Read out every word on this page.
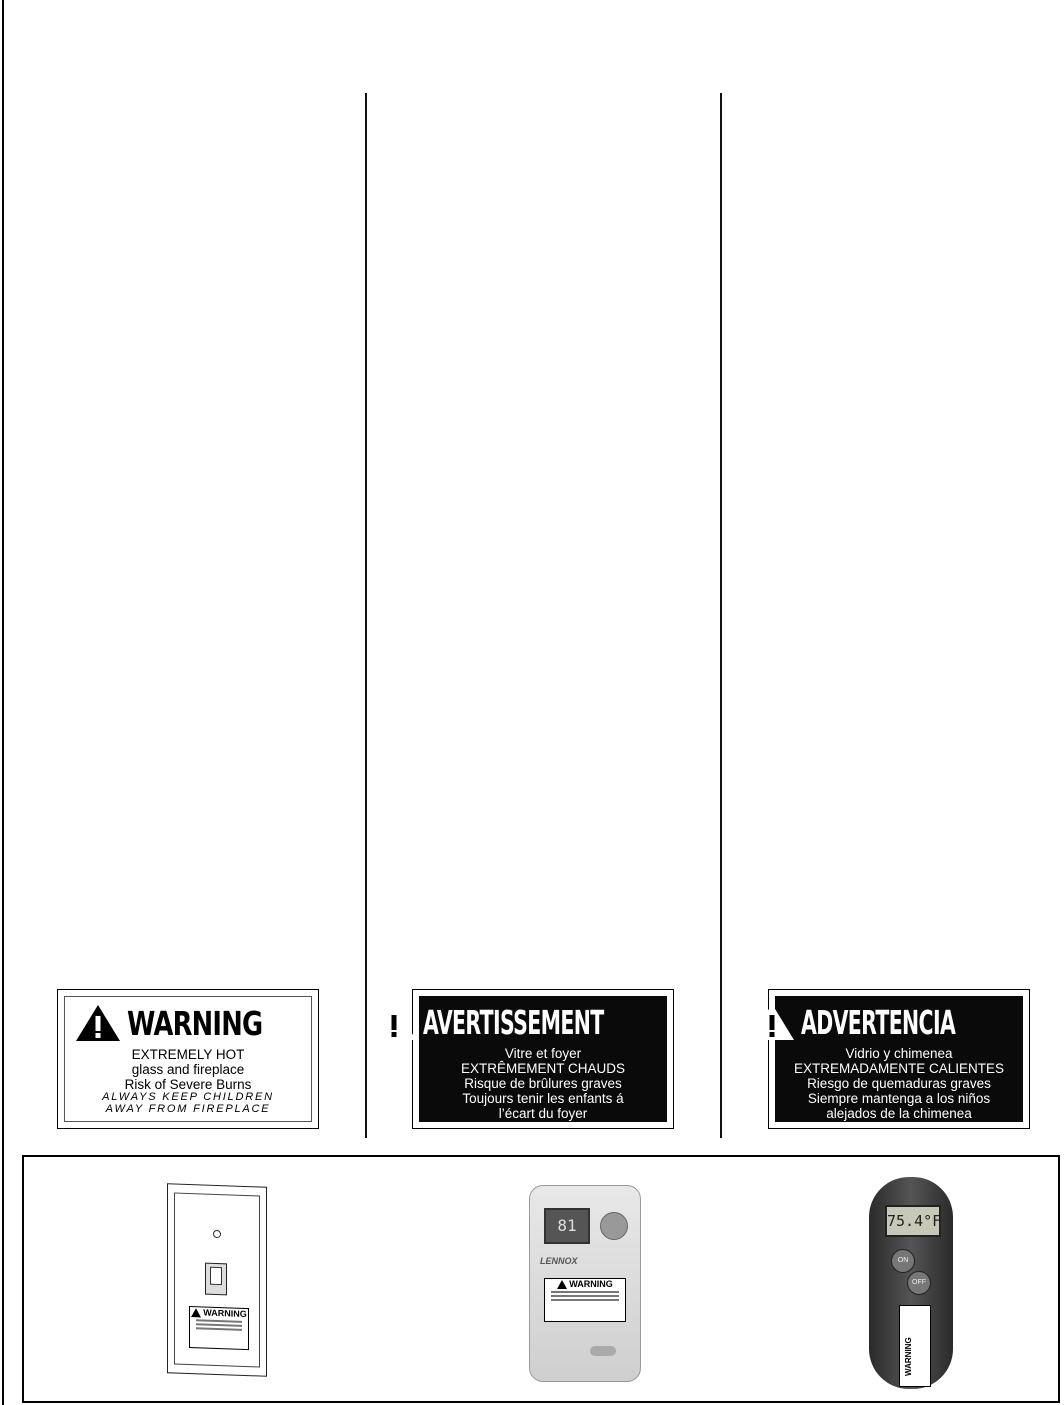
WARNING
EXTREMELY HOT
glass and fireplace
Risk of Severe Burns
ALWAYS KEEP CHILDREN
AWAY FROM FIREPLACE
AVERTISSEMENT
Vitre et foyer
EXTRÊMEMENT CHAUDS
Risque de brûlures graves
Toujours tenir les enfants á
l’écart du foyer
ADVERTENCIA
Vidrio y chimenea
EXTREMADAMENTE CALIENTES
Riesgo de quemaduras graves
Siempre mantenga a los niños
alejados de la chimenea
WARNING
81
LENNOX
WARNING
75.4°F
ON
OFF
WARNING
